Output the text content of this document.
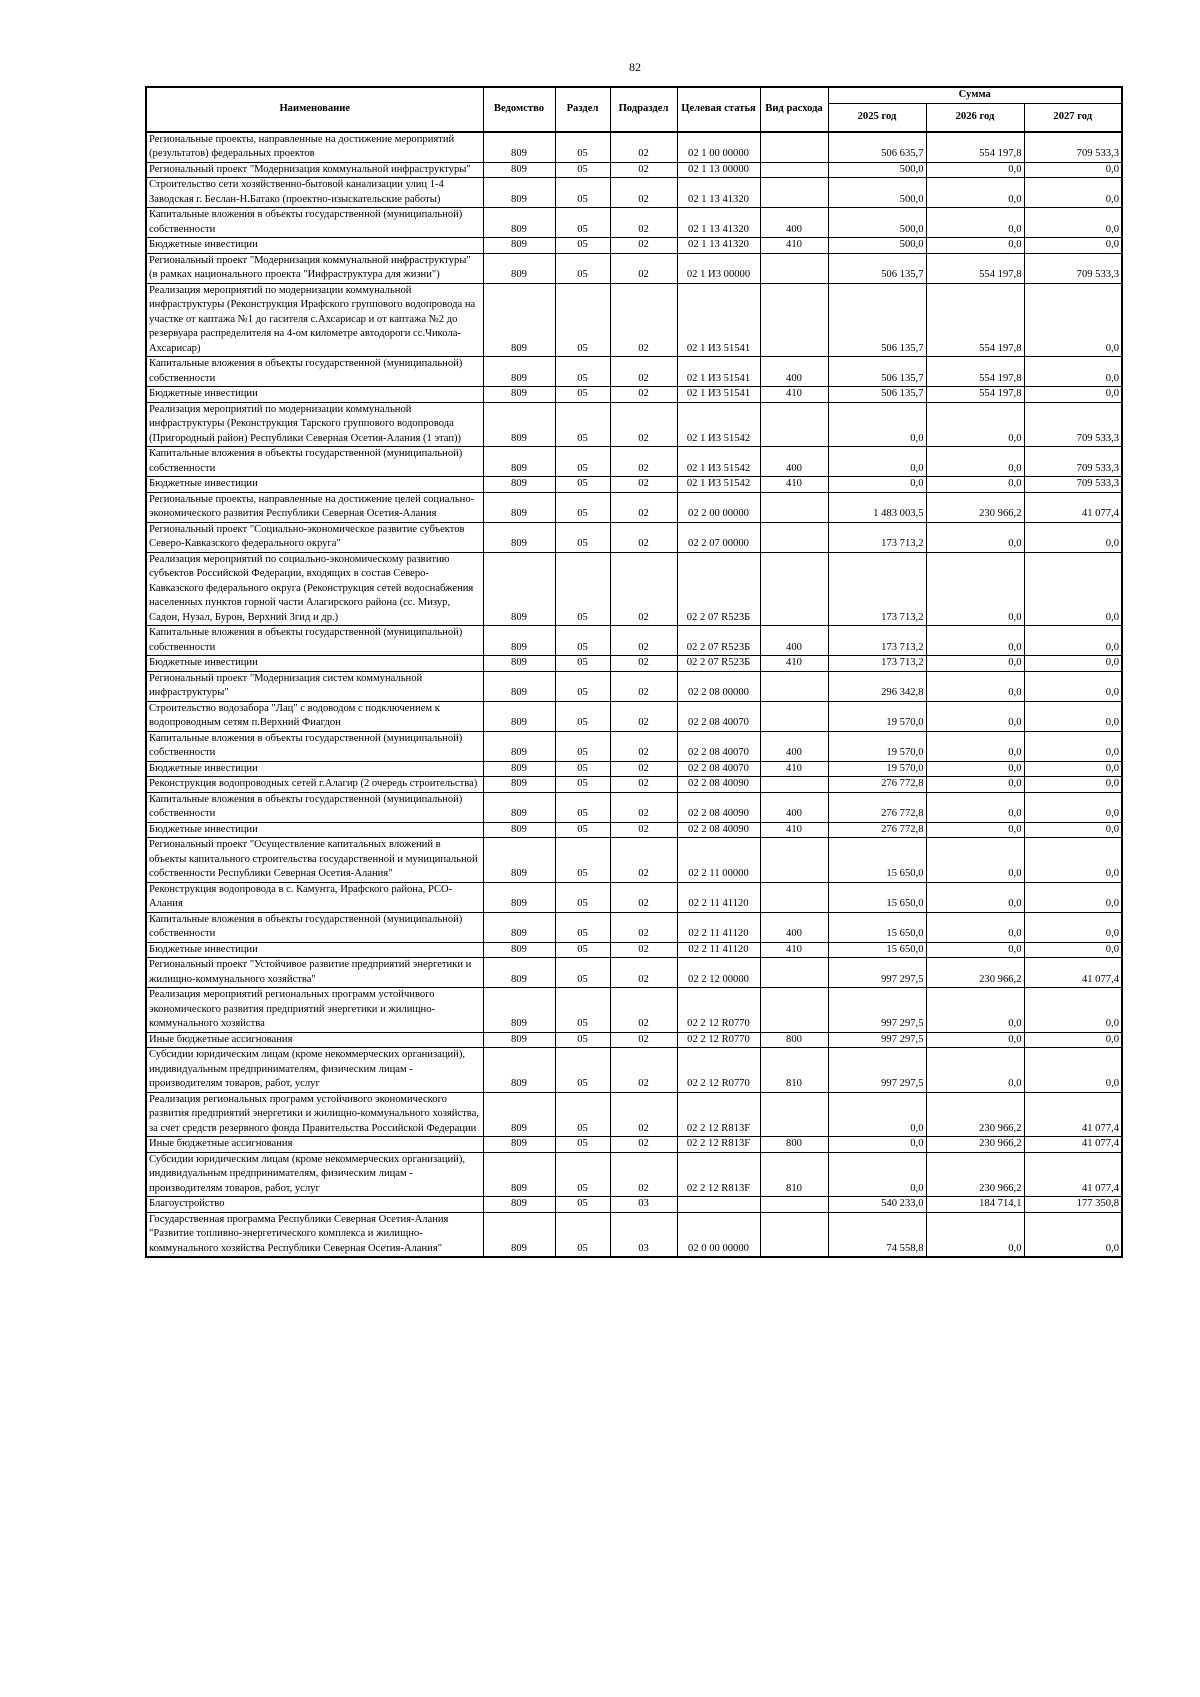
82
Наименование	Ведомство	Раздел	Подраздел	Целевая статья	Вид расхода	Сумма		
						2025 год	2026 год	2027 год
Региональные проекты, направленные на достижение мероприятий (результатов) федеральных проектов	809	05	02	02 1 00 00000		506 635,7	554 197,8	709 533,3
Региональный проект "Модернизация коммунальной инфраструктуры"	809	05	02	02 1 13 00000		500,0	0,0	0,0
Строительство сети хозяйственно-бытовой канализации улиц 1-4 Заводская г. Беслан-Н.Батако (проектно-изыскательские работы)	809	05	02	02 1 13 41320		500,0	0,0	0,0
Капитальные вложения в объекты государственной (муниципальной) собственности	809	05	02	02 1 13 41320	400	500,0	0,0	0,0
Бюджетные инвестиции	809	05	02	02 1 13 41320	410	500,0	0,0	0,0
Региональный проект "Модернизация коммунальной инфраструктуры" (в рамках национального проекта "Инфраструктура для жизни")	809	05	02	02 1 И3 00000		506 135,7	554 197,8	709 533,3
Реализация мероприятий по модернизации коммунальной инфраструктуры (Реконструкция Ирафского группового водопровода на участке от каптажа №1 до гасителя с.Ахсарисар и от каптажа №2 до резервуара распределителя на 4-ом километре автодороги сс.Чикола-Ахсарисар)	809	05	02	02 1 И3 51541		506 135,7	554 197,8	0,0
Капитальные вложения в объекты государственной (муниципальной) собственности	809	05	02	02 1 И3 51541	400	506 135,7	554 197,8	0,0
Бюджетные инвестиции	809	05	02	02 1 И3 51541	410	506 135,7	554 197,8	0,0
Реализация мероприятий по модернизации коммунальной инфраструктуры (Реконструкция Тарского группового водопровода (Пригородный район) Республики Северная Осетия-Алания (1 этап))	809	05	02	02 1 И3 51542		0,0	0,0	709 533,3
Капитальные вложения в объекты государственной (муниципальной) собственности	809	05	02	02 1 И3 51542	400	0,0	0,0	709 533,3
Бюджетные инвестиции	809	05	02	02 1 И3 51542	410	0,0	0,0	709 533,3
Региональные проекты, направленные на достижение целей социально-экономического развития Республики Северная Осетия-Алания	809	05	02	02 2 00 00000		1 483 003,5	230 966,2	41 077,4
Региональный проект "Социально-экономическое развитие субъектов Северо-Кавказского федерального округа"	809	05	02	02 2 07 00000		173 713,2	0,0	0,0
Реализация мероприятий по социально-экономическому развитию субъектов Российской Федерации, входящих в состав Северо-Кавказского федерального округа (Реконструкция сетей водоснабжения населенных пунктов горной части Алагирского района (сс. Мизур, Садон, Нузал, Бурон, Верхний Згид и др.)	809	05	02	02 2 07 R523Б		173 713,2	0,0	0,0
Капитальные вложения в объекты государственной (муниципальной) собственности	809	05	02	02 2 07 R523Б	400	173 713,2	0,0	0,0
Бюджетные инвестиции	809	05	02	02 2 07 R523Б	410	173 713,2	0,0	0,0
Региональный проект "Модернизация систем коммунальной инфраструктуры"	809	05	02	02 2 08 00000		296 342,8	0,0	0,0
Строительство водозабора "Лац" с водоводом с подключением к водопроводным сетям п.Верхний Фиагдон	809	05	02	02 2 08 40070		19 570,0	0,0	0,0
Капитальные вложения в объекты государственной (муниципальной) собственности	809	05	02	02 2 08 40070	400	19 570,0	0,0	0,0
Бюджетные инвестиции	809	05	02	02 2 08 40070	410	19 570,0	0,0	0,0
Реконструкция водопроводных сетей г.Алагир (2 очередь строительства)	809	05	02	02 2 08 40090		276 772,8	0,0	0,0
Капитальные вложения в объекты государственной (муниципальной) собственности	809	05	02	02 2 08 40090	400	276 772,8	0,0	0,0
Бюджетные инвестиции	809	05	02	02 2 08 40090	410	276 772,8	0,0	0,0
Региональный проект "Осуществление капитальных вложений в объекты капитального строительства государственной и муниципальной собственности Республики Северная Осетия-Алания"	809	05	02	02 2 11 00000		15 650,0	0,0	0,0
Реконструкция водопровода в с. Камунта, Ирафского района, РСО-Алания	809	05	02	02 2 11 41120		15 650,0	0,0	0,0
Капитальные вложения в объекты государственной (муниципальной) собственности	809	05	02	02 2 11 41120	400	15 650,0	0,0	0,0
Бюджетные инвестиции	809	05	02	02 2 11 41120	410	15 650,0	0,0	0,0
Региональный проект "Устойчивое развитие предприятий энергетики и жилищно-коммунального хозяйства"	809	05	02	02 2 12 00000		997 297,5	230 966,2	41 077,4
Реализация мероприятий региональных программ устойчивого экономического развития предприятий энергетики и жилищно-коммунального хозяйства	809	05	02	02 2 12 R0770		997 297,5	0,0	0,0
Иные бюджетные ассигнования	809	05	02	02 2 12 R0770	800	997 297,5	0,0	0,0
Субсидии юридическим лицам (кроме некоммерческих организаций), индивидуальным предпринимателям, физическим лицам - производителям товаров, работ, услуг	809	05	02	02 2 12 R0770	810	997 297,5	0,0	0,0
Реализация региональных программ устойчивого экономического развития предприятий энергетики и жилищно-коммунального хозяйства, за счет средств резервного фонда Правительства Российской Федерации	809	05	02	02 2 12 R813F		0,0	230 966,2	41 077,4
Иные бюджетные ассигнования	809	05	02	02 2 12 R813F	800	0,0	230 966,2	41 077,4
Субсидии юридическим лицам (кроме некоммерческих организаций), индивидуальным предпринимателям, физическим лицам - производителям товаров, работ, услуг	809	05	02	02 2 12 R813F	810	0,0	230 966,2	41 077,4
Благоустройство	809	05	03			540 233,0	184 714,1	177 350,8
Государственная программа Республики Северная Осетия-Алания "Развитие топливно-энергетического комплекса и жилищно-коммунального хозяйства Республики Северная Осетия-Алания"	809	05	03	02 0 00 00000		74 558,8	0,0	0,0
